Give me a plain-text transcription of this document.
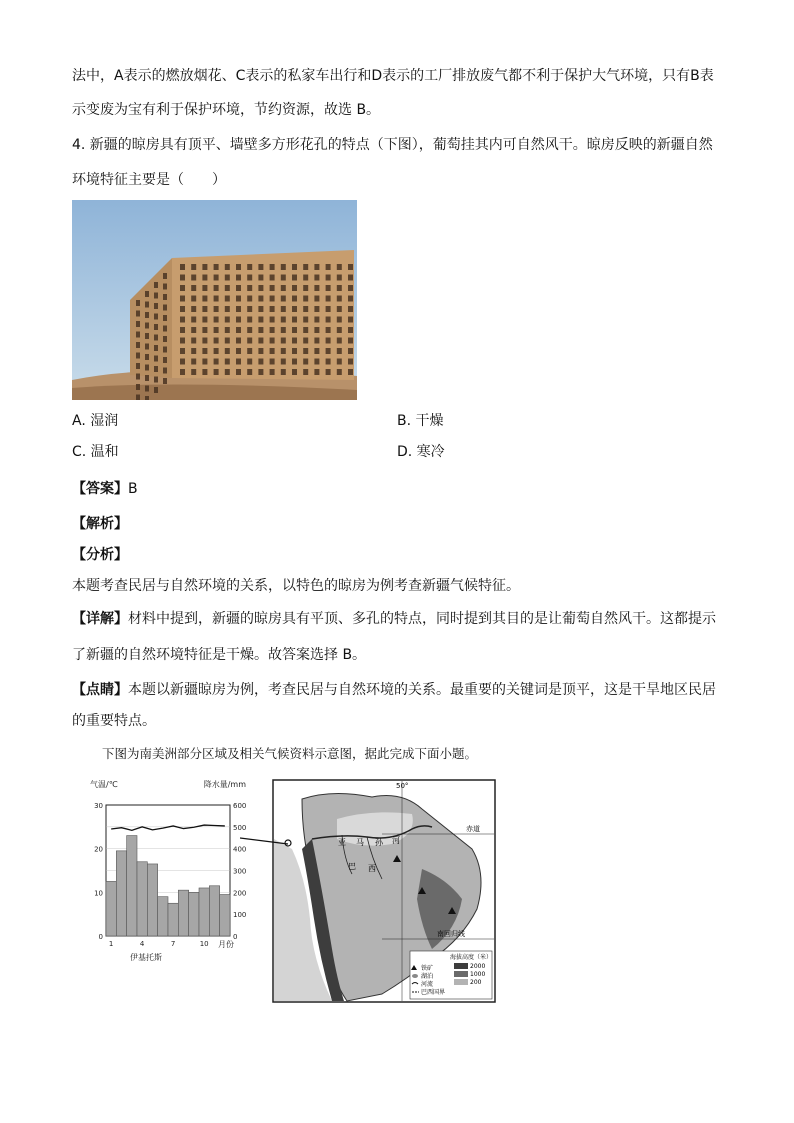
法中，A表示的燃放烟花、C表示的私家车出行和D表示的工厂排放废气都不利于保护大气环境，只有B表
示变废为宝有利于保护环境，节约资源，故选 B。
4. 新疆的晾房具有顶平、墙壁多方形花孔的特点（下图），葡萄挂其内可自然风干。晾房反映的新疆自然
环境特征主要是（　　）
A. 湿润	B. 干燥
C. 温和	D. 寒冷
【答案】B
【解析】
【分析】
本题考查民居与自然环境的关系，以特色的晾房为例考查新疆气候特征。
【详解】材料中提到，新疆的晾房具有平顶、多孔的特点，同时提到其目的是让葡萄自然风干。这都提示
了新疆的自然环境特征是干燥。故答案选择 B。
【点睛】本题以新疆晾房为例，考查民居与自然环境的关系。最重要的关键词是顶平，这是干旱地区民居
的重要特点。
下图为南美洲部分区域及相关气候资料示意图，据此完成下面小题。
气温/℃	降水量/mm
月份
伊基托斯
0
100
200
300
400
500
600
0
10
20
30
1	4	7	10
赤道
南回归线
50°
亚 马 孙 河
巴 西
海拔高度（米）
铁矿
湖泊
河流
巴西国界
2000
1000
200
